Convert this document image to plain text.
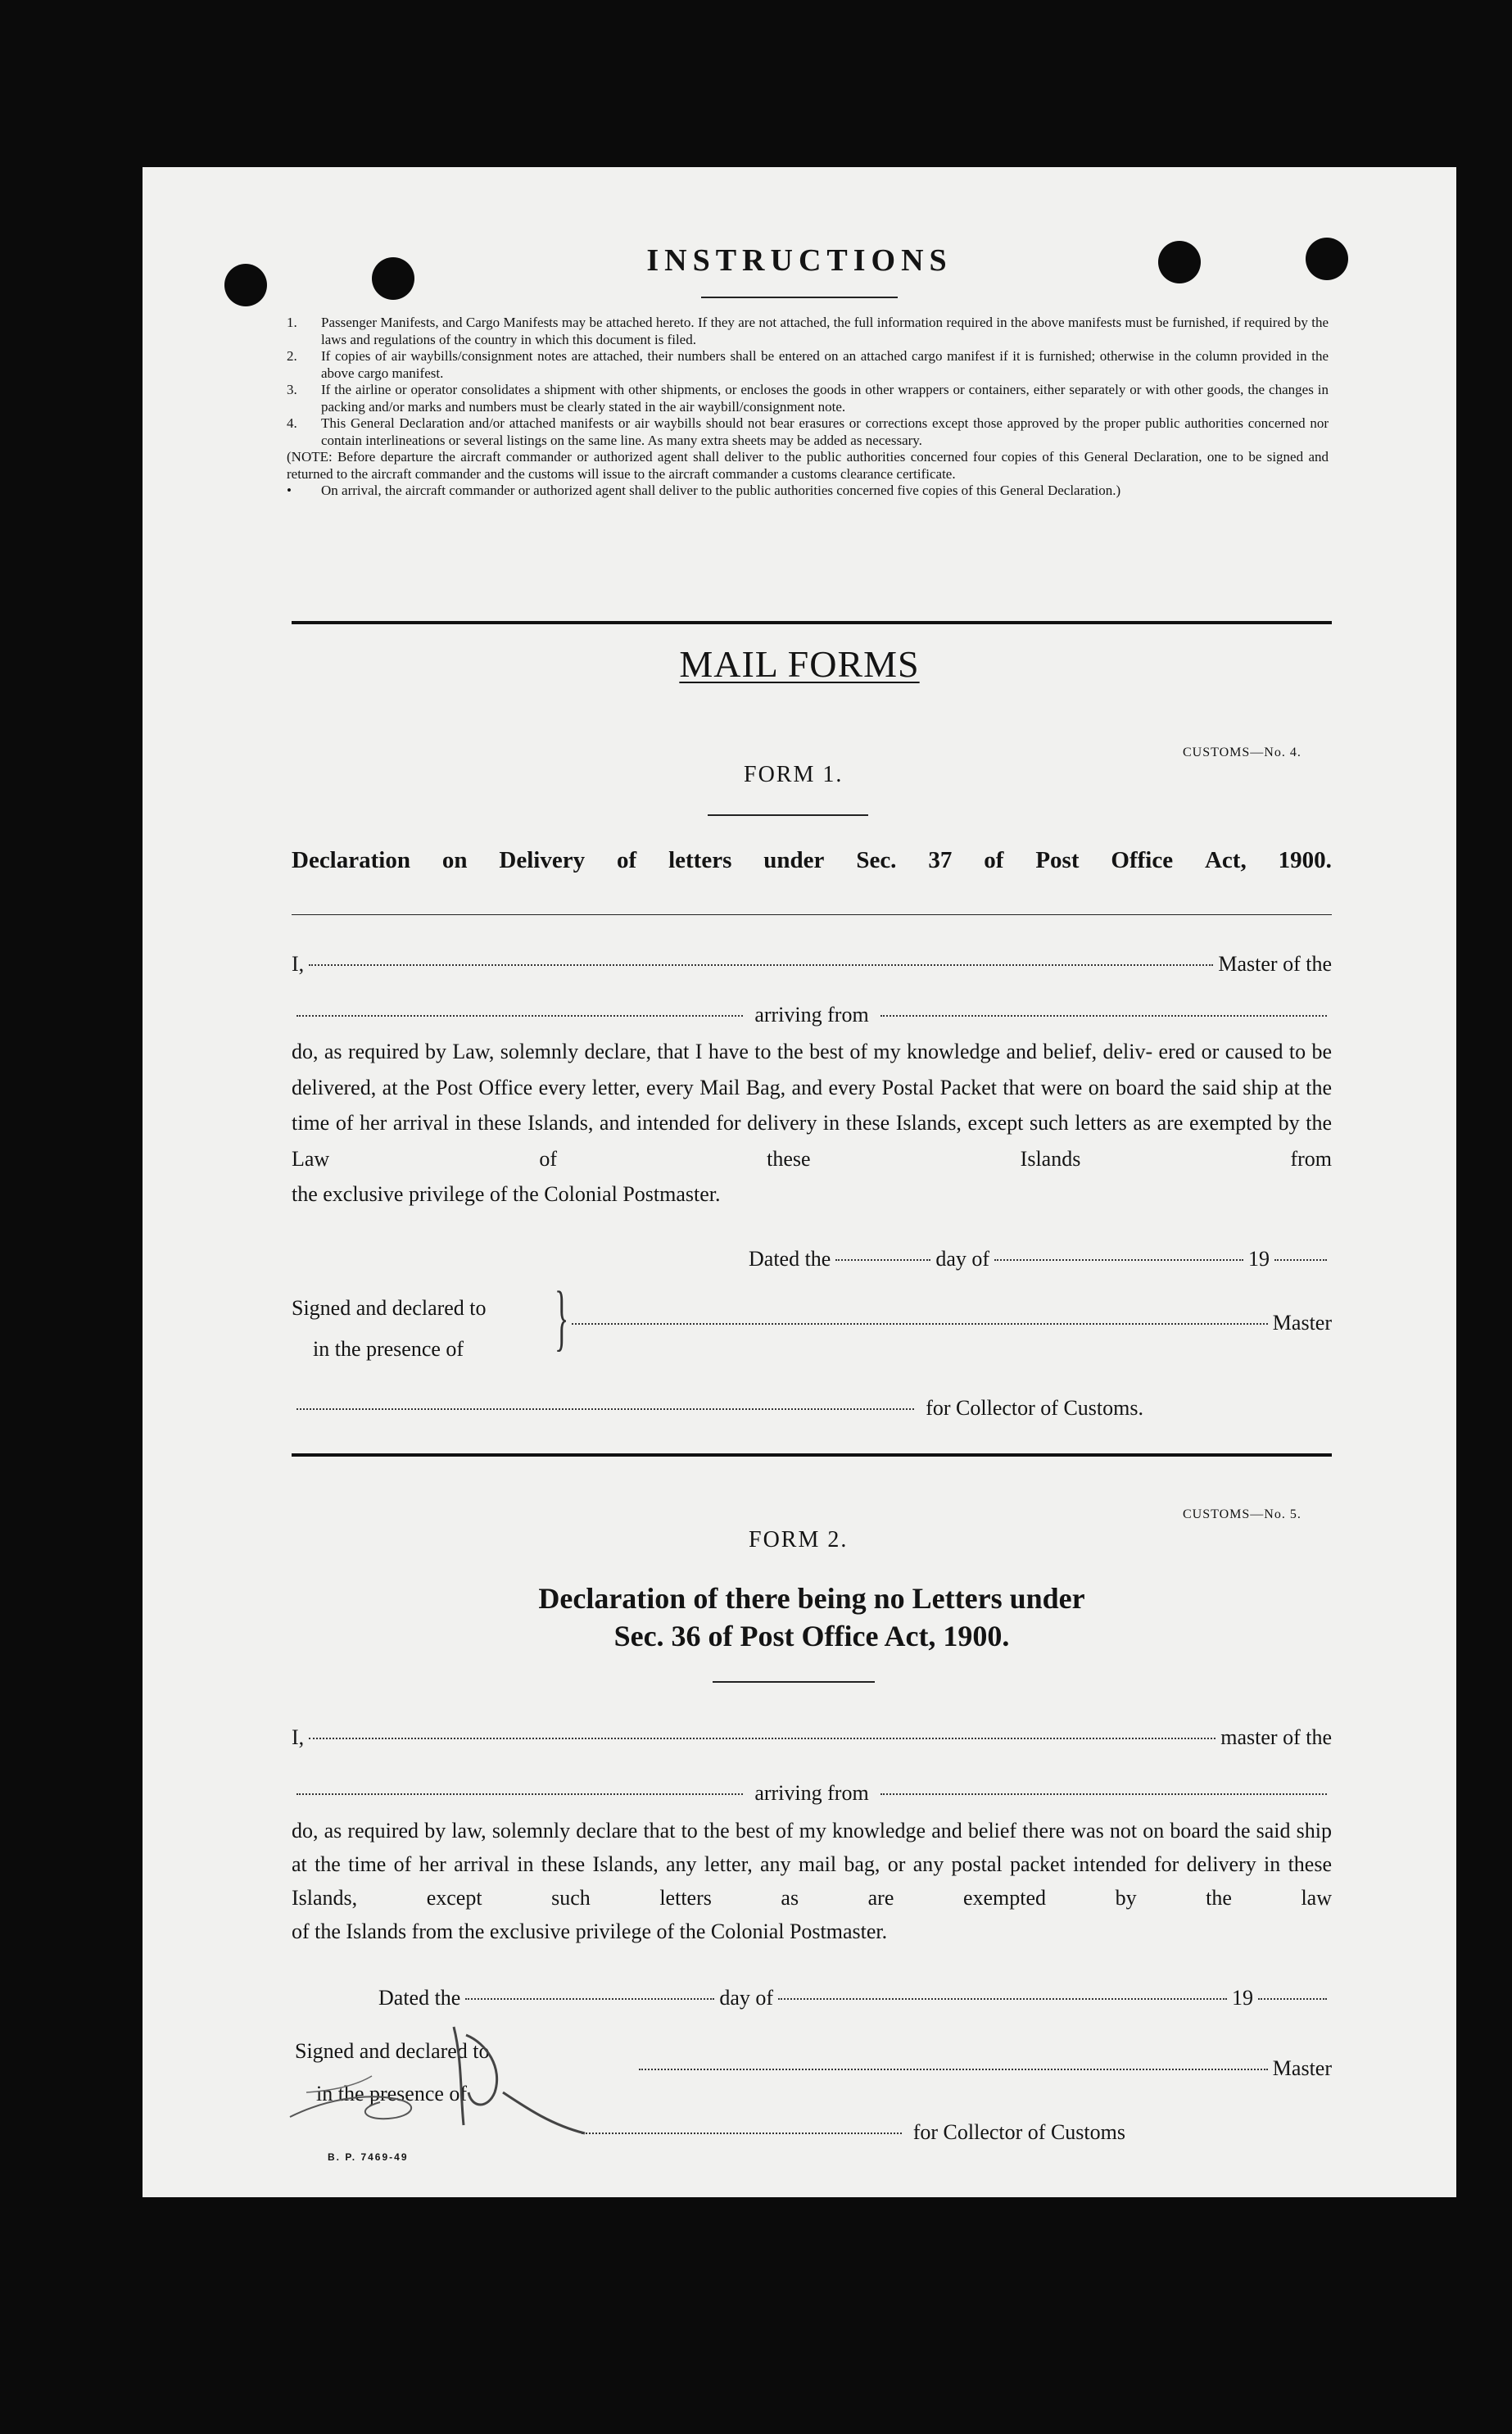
INSTRUCTIONS
1. Passenger Manifests, and Cargo Manifests may be attached hereto. If they are not attached, the full information required in the above manifests must be furnished, if required by the laws and regulations of the country in which this document is filed.
2. If copies of air waybills/consignment notes are attached, their numbers shall be entered on an attached cargo manifest if it is furnished; otherwise in the column provided in the above cargo manifest.
3. If the airline or operator consolidates a shipment with other shipments, or encloses the goods in other wrappers or containers, either separately or with other goods, the changes in packing and/or marks and numbers must be clearly stated in the air waybill/consignment note.
4. This General Declaration and/or attached manifests or air waybills should not bear erasures or corrections except those approved by the proper public authorities concerned nor contain interlineations or several listings on the same line. As many extra sheets may be added as necessary.
(NOTE: Before departure the aircraft commander or authorized agent shall deliver to the public authorities concerned four copies of this General Declaration, one to be signed and returned to the aircraft commander and the customs will issue to the aircraft commander a customs clearance certificate.
• On arrival, the aircraft commander or authorized agent shall deliver to the public authorities concerned five copies of this General Declaration.)
MAIL FORMS
CUSTOMS—No. 4.
FORM 1.
Declaration on Delivery of letters under Sec. 37 of Post Office Act, 1900.
I,	Master of the
arriving from
do, as required by Law, solemnly declare, that I have to the best of my knowledge and belief, deliv- ered or caused to be delivered, at the Post Office every letter, every Mail Bag, and every Postal Packet that were on board the said ship at the time of her arrival in these Islands, and intended for delivery in these Islands, except such letters as are exempted by the Law of these Islands from
the exclusive privilege of the Colonial Postmaster.
Dated the	day of	19
Signed and declared to
in the presence of	}	Master
for Collector of Customs.
CUSTOMS—No. 5.
FORM 2.
Declaration of there being no Letters under
Sec. 36 of Post Office Act, 1900.
I,	master of the
arriving from
do, as required by law, solemnly declare that to the best of my knowledge and belief there was not on board the said ship at the time of her arrival in these Islands, any letter, any mail bag, or any postal packet intended for delivery in these Islands, except such letters as are exempted by the law
of the Islands from the exclusive privilege of the Colonial Postmaster.
Dated the	day of	19
Signed and declared to
in the presence of
Master
for Collector of Customs
B. P. 7469-49
